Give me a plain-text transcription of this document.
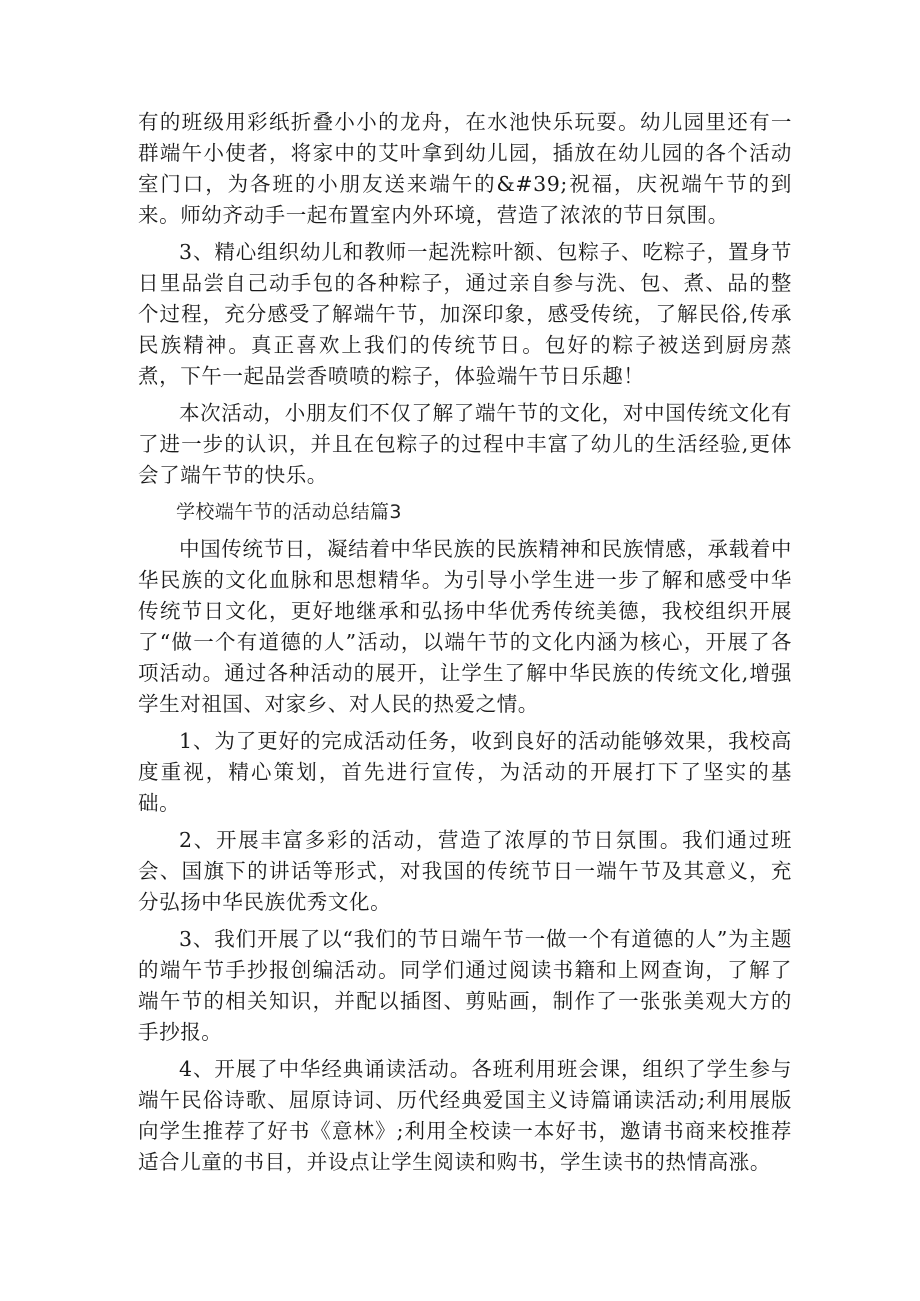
有的班级用彩纸折叠小小的龙舟，在水池快乐玩耍。幼儿园里还有一群端午小使者，将家中的艾叶拿到幼儿园，插放在幼儿园的各个活动室门口，为各班的小朋友送来端午的&#39;祝福，庆祝端午节的到来。师幼齐动手一起布置室内外环境，营造了浓浓的节日氛围。

3、精心组织幼儿和教师一起洗粽叶额、包粽子、吃粽子，置身节日里品尝自己动手包的各种粽子，通过亲自参与洗、包、煮、品的整个过程，充分感受了解端午节，加深印象，感受传统，了解民俗,传承民族精神。真正喜欢上我们的传统节日。包好的粽子被送到厨房蒸煮，下午一起品尝香喷喷的粽子，体验端午节日乐趣！

本次活动，小朋友们不仅了解了端午节的文化，对中国传统文化有了进一步的认识，并且在包粽子的过程中丰富了幼儿的生活经验,更体会了端午节的快乐。

学校端午节的活动总结篇3

中国传统节日，凝结着中华民族的民族精神和民族情感，承载着中华民族的文化血脉和思想精华。为引导小学生进一步了解和感受中华传统节日文化，更好地继承和弘扬中华优秀传统美德，我校组织开展了“做一个有道德的人”活动，以端午节的文化内涵为核心，开展了各项活动。通过各种活动的展开，让学生了解中华民族的传统文化,增强学生对祖国、对家乡、对人民的热爱之情。

1、为了更好的完成活动任务，收到良好的活动能够效果，我校高度重视，精心策划，首先进行宣传，为活动的开展打下了坚实的基础。

2、开展丰富多彩的活动，营造了浓厚的节日氛围。我们通过班会、国旗下的讲话等形式，对我国的传统节日一端午节及其意义，充分弘扬中华民族优秀文化。

3、我们开展了以“我们的节日端午节一做一个有道德的人”为主题的端午节手抄报创编活动。同学们通过阅读书籍和上网查询，了解了端午节的相关知识，并配以插图、剪贴画，制作了一张张美观大方的手抄报。

4、开展了中华经典诵读活动。各班利用班会课，组织了学生参与端午民俗诗歌、屈原诗词、历代经典爱国主义诗篇诵读活动;利用展版向学生推荐了好书《意林》;利用全校读一本好书，邀请书商来校推荐适合儿童的书目，并设点让学生阅读和购书，学生读书的热情高涨。
